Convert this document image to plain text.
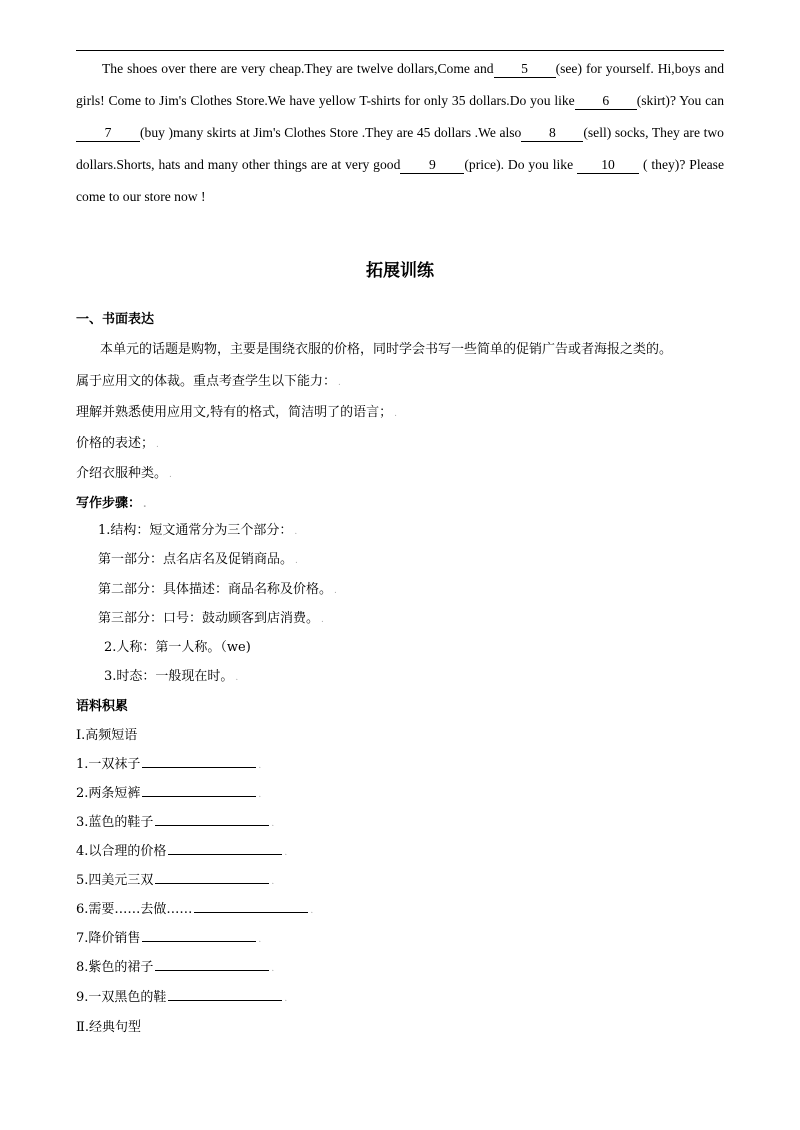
The shoes over there are very cheap.They are twelve dollars,Come and 5 (see) for yourself. Hi,boys and girls! Come to Jim's Clothes Store.We have yellow T-shirts for only 35 dollars.Do you like 6 (skirt)? You can7 (buy )many skirts at Jim's Clothes Store .They are 45 dollars .We also 8 (sell) socks, They are two dollars.Shorts, hats and many other things are at very good 9 (price). Do you like 10 ( they)? Please come to our store now !

拓展训练

一、书面表达

本单元的话题是购物，主要是围绕衣服的价格，同时学会书写一些简单的促销广告或者海报之类的。

属于应用文的体裁。重点考查学生以下能力： .

理解并熟悉使用应用文,特有的格式，简洁明了的语言； .

价格的表述； .

介绍衣服种类。 .

写作步骤： .

1.结构：短文通常分为三个部分： .

第一部分：点名店名及促销商品。 .

第二部分：具体描述：商品名称及价格。 .

第三部分：口号：鼓动顾客到店消费。 .

2.人称：第一人称。（we)

3.时态：一般现在时。 .

语料积累

Ⅰ.高频短语

1.一双袜子	.

2.两条短裤	.

3.蓝色的鞋子	.

4.以合理的价格	.

5.四美元三双	.

6.需要……去做……	.

7.降价销售	.

8.紫色的裙子	.

9.一双黑色的鞋	.

Ⅱ.经典句型
